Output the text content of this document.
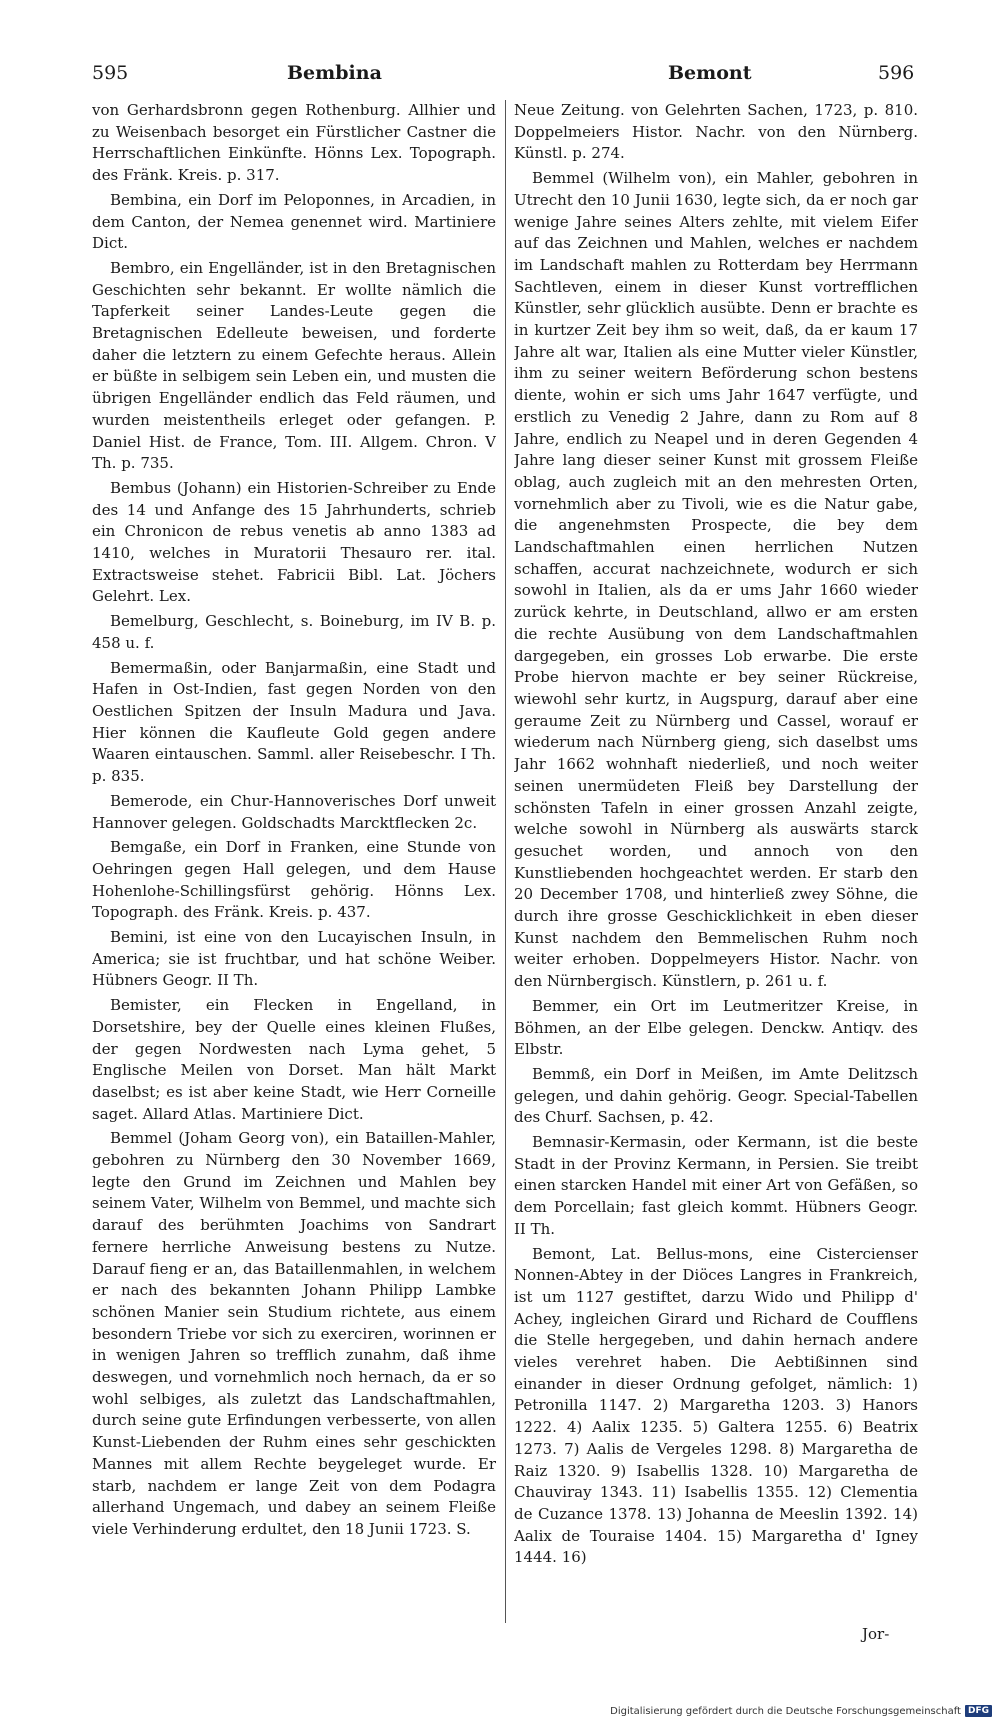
595	Bembina	Bemont	596

von Gerhardsbronn gegen Rothenburg. Allhier und zu Weisenbach besorget ein Fürstlicher Castner die Herrschaftlichen Einkünfte. Hönns Lex. Topograph. des Fränk. Kreis. p. 317.

Bembina, ein Dorf im Peloponnes, in Arcadien, in dem Canton, der Nemea genennet wird. Martiniere Dict.

Bembro, ein Engelländer, ist in den Bretagnischen Geschichten sehr bekannt. Er wollte nämlich die Tapferkeit seiner Landes-Leute gegen die Bretagnischen Edelleute beweisen, und forderte daher die letztern zu einem Gefechte heraus. Allein er büßte in selbigem sein Leben ein, und musten die übrigen Engelländer endlich das Feld räumen, und wurden meistentheils erleget oder gefangen. P. Daniel Hist. de France, Tom. III. Allgem. Chron. V Th. p. 735.

Bembus (Johann) ein Historien-Schreiber zu Ende des 14 und Anfange des 15 Jahrhunderts, schrieb ein Chronicon de rebus venetis ab anno 1383 ad 1410, welches in Muratorii Thesauro rer. ital. Extractsweise stehet. Fabricii Bibl. Lat. Jöchers Gelehrt. Lex.

Bemelburg, Geschlecht, s. Boineburg, im IV B. p. 458 u. f.

Bemermaßin, oder Banjarmaßin, eine Stadt und Hafen in Ost-Indien, fast gegen Norden von den Oestlichen Spitzen der Insuln Madura und Java. Hier können die Kaufleute Gold gegen andere Waaren eintauschen. Samml. aller Reisebeschr. I Th. p. 835.

Bemerode, ein Chur-Hannoverisches Dorf unweit Hannover gelegen. Goldschadts Marcktflecken 2c.

Bemgaße, ein Dorf in Franken, eine Stunde von Oehringen gegen Hall gelegen, und dem Hause Hohenlohe-Schillingsfürst gehörig. Hönns Lex. Topograph. des Fränk. Kreis. p. 437.

Bemini, ist eine von den Lucayischen Insuln, in America; sie ist fruchtbar, und hat schöne Weiber. Hübners Geogr. II Th.

Bemister, ein Flecken in Engelland, in Dorsetshire, bey der Quelle eines kleinen Flußes, der gegen Nordwesten nach Lyma gehet, 5 Englische Meilen von Dorset. Man hält Markt daselbst; es ist aber keine Stadt, wie Herr Corneille saget. Allard Atlas. Martiniere Dict.

Bemmel (Joham Georg von), ein Bataillen-Mahler, gebohren zu Nürnberg den 30 November 1669, legte den Grund im Zeichnen und Mahlen bey seinem Vater, Wilhelm von Bemmel, und machte sich darauf des berühmten Joachims von Sandrart fernere herrliche Anweisung bestens zu Nutze. Darauf fieng er an, das Bataillenmahlen, in welchem er nach des bekannten Johann Philipp Lambke schönen Manier sein Studium richtete, aus einem besondern Triebe vor sich zu exerciren, worinnen er in wenigen Jahren so trefflich zunahm, daß ihme deswegen, und vornehmlich noch hernach, da er so wohl selbiges, als zuletzt das Landschaftmahlen, durch seine gute Erfindungen verbesserte, von allen Kunst-Liebenden der Ruhm eines sehr geschickten Mannes mit allem Rechte beygeleget wurde. Er starb, nachdem er lange Zeit von dem Podagra allerhand Ungemach, und dabey an seinem Fleiße viele Verhinderung erdultet, den 18 Junii 1723. S.

Neue Zeitung. von Gelehrten Sachen, 1723, p. 810. Doppelmeiers Histor. Nachr. von den Nürnberg. Künstl. p. 274.

Bemmel (Wilhelm von), ein Mahler, gebohren in Utrecht den 10 Junii 1630, legte sich, da er noch gar wenige Jahre seines Alters zehlte, mit vielem Eifer auf das Zeichnen und Mahlen, welches er nachdem im Landschaft mahlen zu Rotterdam bey Herrmann Sachtleven, einem in dieser Kunst vortrefflichen Künstler, sehr glücklich ausübte. Denn er brachte es in kurtzer Zeit bey ihm so weit, daß, da er kaum 17 Jahre alt war, Italien als eine Mutter vieler Künstler, ihm zu seiner weitern Beförderung schon bestens diente, wohin er sich ums Jahr 1647 verfügte, und erstlich zu Venedig 2 Jahre, dann zu Rom auf 8 Jahre, endlich zu Neapel und in deren Gegenden 4 Jahre lang dieser seiner Kunst mit grossem Fleiße oblag, auch zugleich mit an den mehresten Orten, vornehmlich aber zu Tivoli, wie es die Natur gabe, die angenehmsten Prospecte, die bey dem Landschaftmahlen einen herrlichen Nutzen schaffen, accurat nachzeichnete, wodurch er sich sowohl in Italien, als da er ums Jahr 1660 wieder zurück kehrte, in Deutschland, allwo er am ersten die rechte Ausübung von dem Landschaftmahlen dargegeben, ein grosses Lob erwarbe. Die erste Probe hiervon machte er bey seiner Rückreise, wiewohl sehr kurtz, in Augspurg, darauf aber eine geraume Zeit zu Nürnberg und Cassel, worauf er wiederum nach Nürnberg gieng, sich daselbst ums Jahr 1662 wohnhaft niederließ, und noch weiter seinen unermüdeten Fleiß bey Darstellung der schönsten Tafeln in einer grossen Anzahl zeigte, welche sowohl in Nürnberg als auswärts starck gesuchet worden, und annoch von den Kunstliebenden hochgeachtet werden. Er starb den 20 December 1708, und hinterließ zwey Söhne, die durch ihre grosse Geschicklichkeit in eben dieser Kunst nachdem den Bemmelischen Ruhm noch weiter erhoben. Doppelmeyers Histor. Nachr. von den Nürnbergisch. Künstlern, p. 261 u. f.

Bemmer, ein Ort im Leutmeritzer Kreise, in Böhmen, an der Elbe gelegen. Denckw. Antiqv. des Elbstr.

Bemmß, ein Dorf in Meißen, im Amte Delitzsch gelegen, und dahin gehörig. Geogr. Special-Tabellen des Churf. Sachsen, p. 42.

Bemnasir-Kermasin, oder Kermann, ist die beste Stadt in der Provinz Kermann, in Persien. Sie treibt einen starcken Handel mit einer Art von Gefäßen, so dem Porcellain; fast gleich kommt. Hübners Geogr. II Th.

Bemont, Lat. Bellus-mons, eine Cistercienser Nonnen-Abtey in der Diöces Langres in Frankreich, ist um 1127 gestiftet, darzu Wido und Philipp d' Achey, ingleichen Girard und Richard de Coufflens die Stelle hergegeben, und dahin hernach andere vieles verehret haben. Die Aebtißinnen sind einander in dieser Ordnung gefolget, nämlich: 1) Petronilla 1147. 2) Margaretha 1203. 3) Hanors 1222. 4) Aalix 1235. 5) Galtera 1255. 6) Beatrix 1273. 7) Aalis de Vergeles 1298. 8) Margaretha de Raiz 1320. 9) Isabellis 1328. 10) Margaretha de Chauviray 1343. 11) Isabellis 1355. 12) Clementia de Cuzance 1378. 13) Johanna de Meeslin 1392. 14) Aalix de Touraise 1404. 15) Margaretha d' Igney 1444. 16)

Jor-
Digitalisierung gefördert durch die Deutsche Forschungsgemeinschaft DFG
